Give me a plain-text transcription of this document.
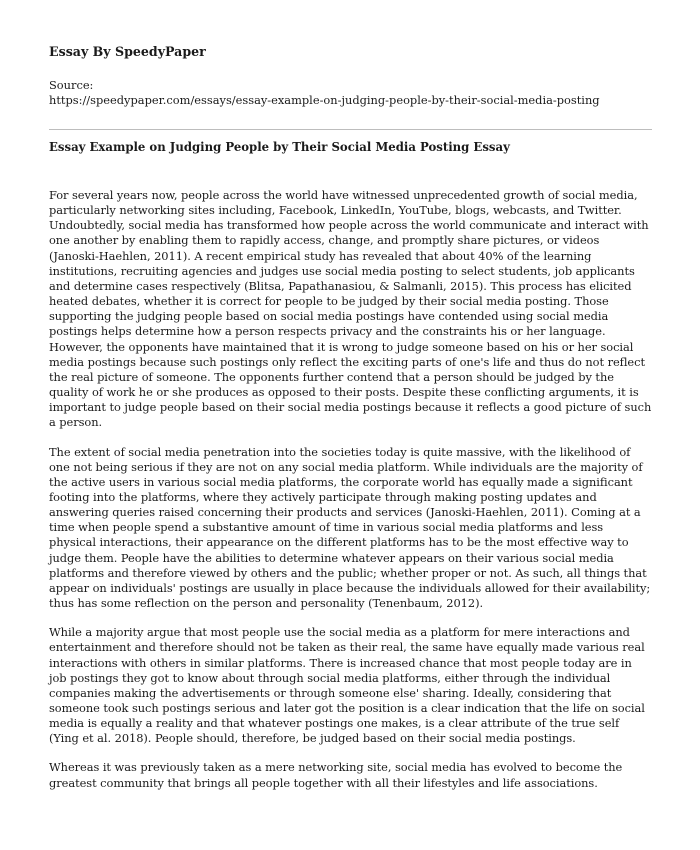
Essay By SpeedyPaper
Source:
https://speedypaper.com/essays/essay-example-on-judging-people-by-their-social-media-posting
Essay Example on Judging People by Their Social Media Posting Essay

For several years now, people across the world have witnessed unprecedented growth of social media, particularly networking sites including, Facebook, LinkedIn, YouTube, blogs, webcasts, and Twitter. Undoubtedly, social media has transformed how people across the world communicate and interact with one another by enabling them to rapidly access, change, and promptly share pictures, or videos (Janoski-Haehlen, 2011). A recent empirical study has revealed that about 40% of the learning institutions, recruiting agencies and judges use social media posting to select students, job applicants and determine cases respectively (Blitsa, Papathanasiou, & Salmanli, 2015). This process has elicited heated debates, whether it is correct for people to be judged by their social media posting. Those supporting the judging people based on social media postings have contended using social media postings helps determine how a person respects privacy and the constraints his or her language. However, the opponents have maintained that it is wrong to judge someone based on his or her social media postings because such postings only reflect the exciting parts of one's life and thus do not reflect the real picture of someone. The opponents further contend that a person should be judged by the quality of work he or she produces as opposed to their posts. Despite these conflicting arguments, it is important to judge people based on their social media postings because it reflects a good picture of such a person.

The extent of social media penetration into the societies today is quite massive, with the likelihood of one not being serious if they are not on any social media platform. While individuals are the majority of the active users in various social media platforms, the corporate world has equally made a significant footing into the platforms, where they actively participate through making posting updates and answering queries raised concerning their products and services (Janoski-Haehlen, 2011). Coming at a time when people spend a substantive amount of time in various social media platforms and less physical interactions, their appearance on the different platforms has to be the most effective way to judge them. People have the abilities to determine whatever appears on their various social media platforms and therefore viewed by others and the public; whether proper or not. As such, all things that appear on individuals' postings are usually in place because the individuals allowed for their availability; thus has some reflection on the person and personality (Tenenbaum, 2012).

While a majority argue that most people use the social media as a platform for mere interactions and entertainment and therefore should not be taken as their real, the same have equally made various real interactions with others in similar platforms. There is increased chance that most people today are in job postings they got to know about through social media platforms, either through the individual companies making the advertisements or through someone else' sharing. Ideally, considering that someone took such postings serious and later got the position is a clear indication that the life on social media is equally a reality and that whatever postings one makes, is a clear attribute of the true self (Ying et al. 2018). People should, therefore, be judged based on their social media postings.

Whereas it was previously taken as a mere networking site, social media has evolved to become the greatest community that brings all people together with all their lifestyles and life associations.
